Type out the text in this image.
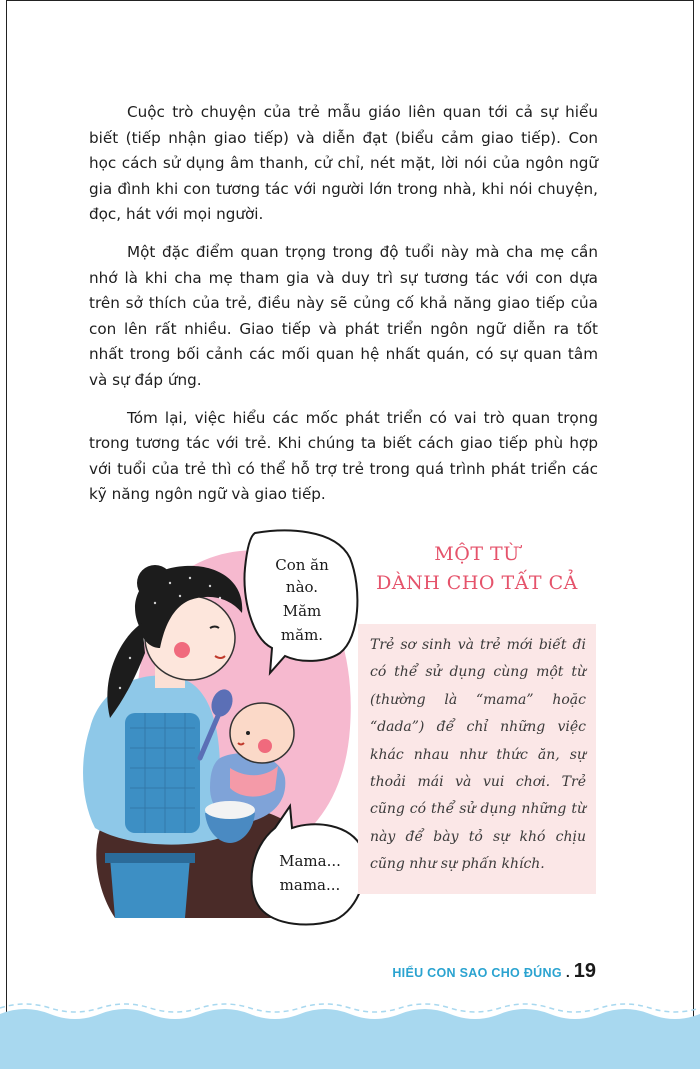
Cuộc trò chuyện của trẻ mẫu giáo liên quan tới cả sự hiểu biết (tiếp nhận giao tiếp) và diễn đạt (biểu cảm giao tiếp). Con học cách sử dụng âm thanh, cử chỉ, nét mặt, lời nói của ngôn ngữ gia đình khi con tương tác với người lớn trong nhà, khi nói chuyện, đọc, hát với mọi người.

Một đặc điểm quan trọng trong độ tuổi này mà cha mẹ cần nhớ là khi cha mẹ tham gia và duy trì sự tương tác với con dựa trên sở thích của trẻ, điều này sẽ củng cố khả năng giao tiếp của con lên rất nhiều. Giao tiếp và phát triển ngôn ngữ diễn ra tốt nhất trong bối cảnh các mối quan hệ nhất quán, có sự quan tâm và sự đáp ứng.

Tóm lại, việc hiểu các mốc phát triển có vai trò quan trọng trong tương tác với trẻ. Khi chúng ta biết cách giao tiếp phù hợp với tuổi của trẻ thì có thể hỗ trợ trẻ trong quá trình phát triển các kỹ năng ngôn ngữ và giao tiếp.

Con ăn
nào.
Măm
măm.
Mama...
mama...
MỘT TỪ
DÀNH CHO TẤT CẢ
Trẻ sơ sinh và trẻ mới biết đi có thể sử dụng cùng một từ (thường là “mama” hoặc “dada”) để chỉ những việc khác nhau như thức ăn, sự thoải mái và vui chơi. Trẻ cũng có thể sử dụng những từ này để bày tỏ sự khó chịu cũng như sự phấn khích.
HIỂU CON SAO CHO ĐÚNG . 19
